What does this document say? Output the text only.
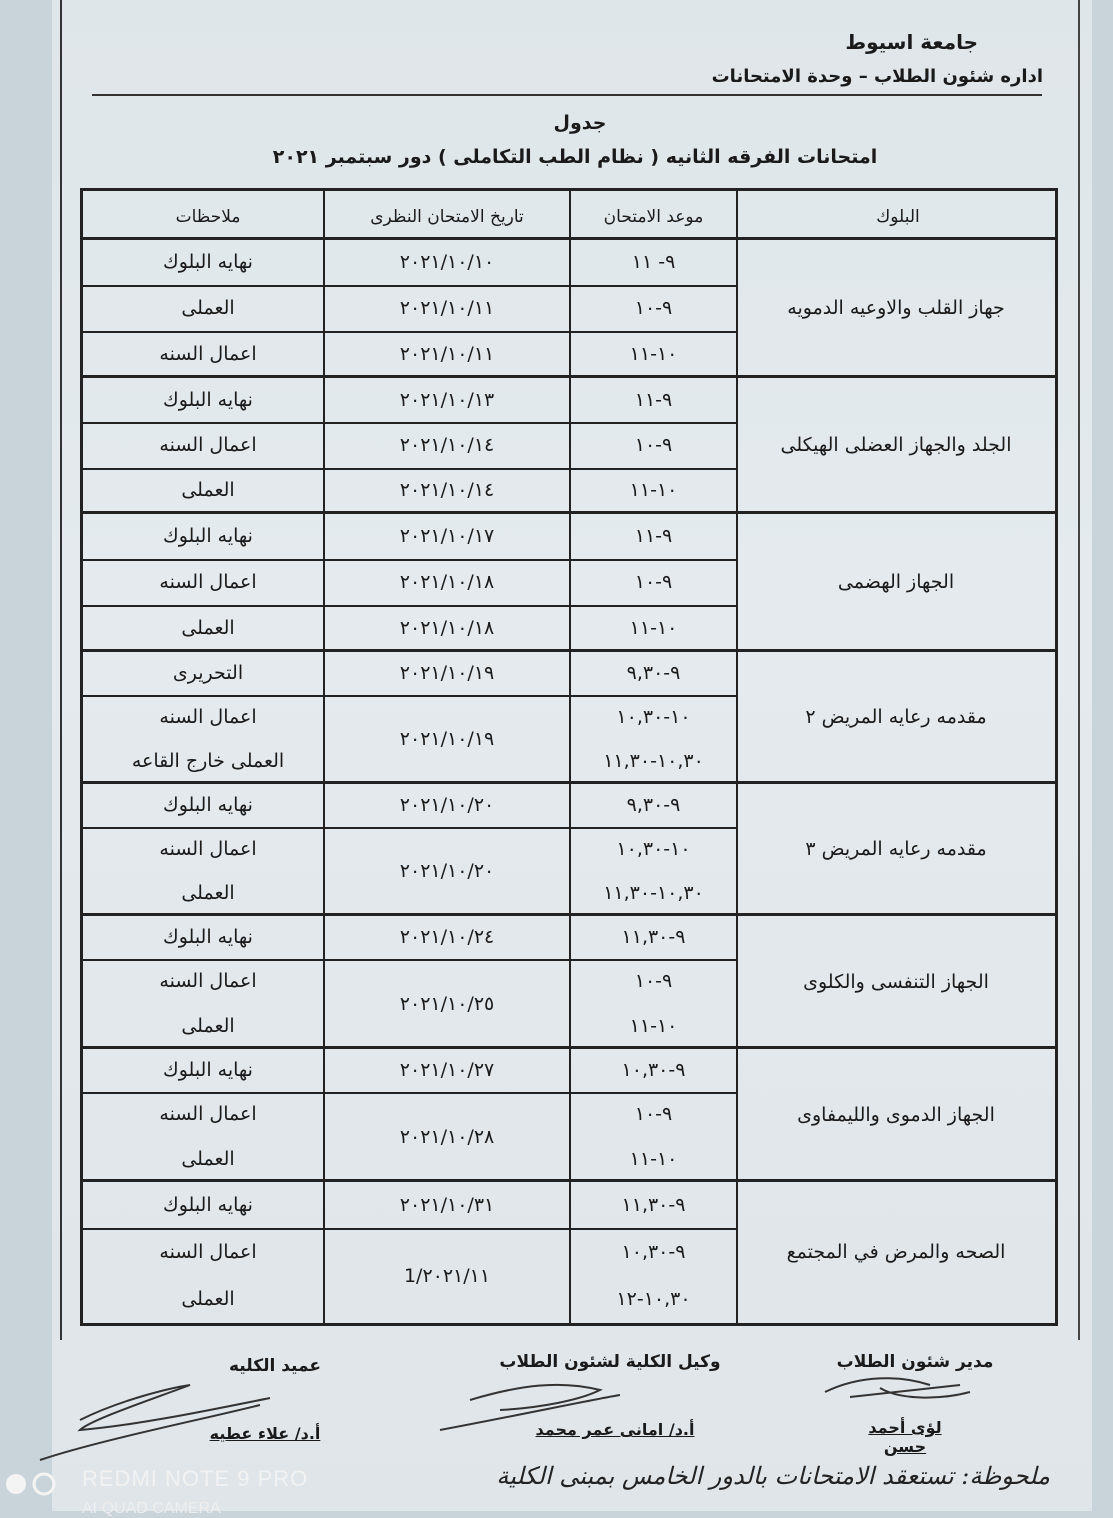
جامعة اسيوط
اداره شئون الطلاب – وحدة الامتحانات
جدول
امتحانات الفرقه الثانيه ( نظام الطب التكاملى ) دور سبتمبر ٢٠٢١
البلوك
موعد الامتحان
تاريخ الامتحان النظرى
ملاحظات
جهاز القلب والاوعيه الدمويه
٩- ١١
٢٠٢١/١٠/١٠
نهايه البلوك
٩-١٠
٢٠٢١/١٠/١١
العملى
١٠-١١
٢٠٢١/١٠/١١
اعمال السنه
الجلد والجهاز العضلى الهيكلى
٩-١١
٢٠٢١/١٠/١٣
نهايه البلوك
٩-١٠
٢٠٢١/١٠/١٤
اعمال السنه
١٠-١١
٢٠٢١/١٠/١٤
العملى
الجهاز الهضمى
٩-١١
٢٠٢١/١٠/١٧
نهايه البلوك
٩-١٠
٢٠٢١/١٠/١٨
اعمال السنه
١٠-١١
٢٠٢١/١٠/١٨
العملى
مقدمه رعايه المريض ٢
٩-٩,٣٠
٢٠٢١/١٠/١٩
التحريرى
١٠-١٠,٣٠
١٠,٣٠-١١,٣٠
٢٠٢١/١٠/١٩
اعمال السنه
العملى خارج القاعه
مقدمه رعايه المريض ٣
٩-٩,٣٠
٢٠٢١/١٠/٢٠
نهايه البلوك
١٠-١٠,٣٠
١٠,٣٠-١١,٣٠
٢٠٢١/١٠/٢٠
اعمال السنه
العملى
الجهاز التنفسى والكلوى
٩-١١,٣٠
٢٠٢١/١٠/٢٤
نهايه البلوك
٩-١٠
١٠-١١
٢٠٢١/١٠/٢٥
اعمال السنه
العملى
الجهاز الدموى والليمفاوى
٩-١٠,٣٠
٢٠٢١/١٠/٢٧
نهايه البلوك
٩-١٠
١٠-١١
٢٠٢١/١٠/٢٨
اعمال السنه
العملى
الصحه والمرض في المجتمع
٩-١١,٣٠
٢٠٢١/١٠/٣١
نهايه البلوك
٩-١٠,٣٠
١٠,٣٠-١٢
٢٠٢١/١١/1
اعمال السنه
العملى
مدير شئون الطلاب
لؤى أحمد حسن
وكيل الكلية لشئون الطلاب
أ.د/ امانى عمر محمد
عميد الكليه
أ.د/ علاء عطيه
ملحوظة: تستعقد الامتحانات بالدور الخامس بمبنى الكلية
REDMI NOTE 9 PRO
AI QUAD CAMERA
